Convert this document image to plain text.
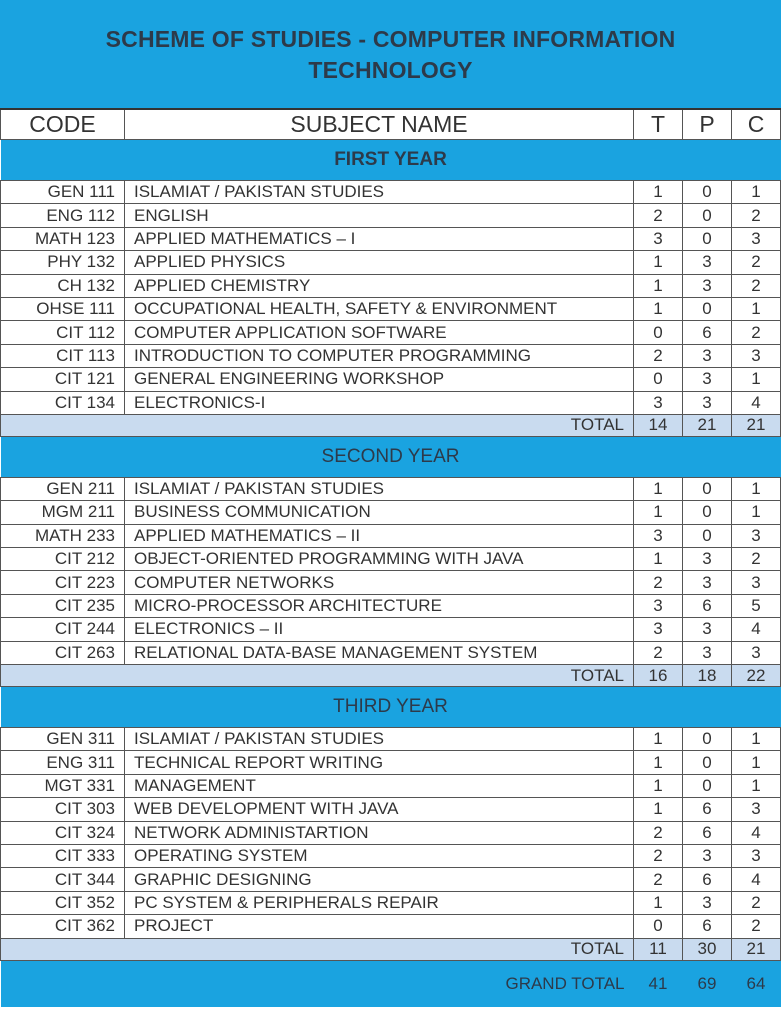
SCHEME OF STUDIES - COMPUTER INFORMATION
TECHNOLOGY
CODE	SUBJECT NAME	T	P	C
FIRST YEAR				
GEN 111	ISLAMIAT / PAKISTAN STUDIES	1	0	1
ENG 112	ENGLISH	2	0	2
MATH 123	APPLIED MATHEMATICS – I	3	0	3
PHY 132	APPLIED PHYSICS	1	3	2
CH 132	APPLIED CHEMISTRY	1	3	2
OHSE 111	OCCUPATIONAL HEALTH, SAFETY & ENVIRONMENT	1	0	1
CIT 112	COMPUTER APPLICATION SOFTWARE	0	6	2
CIT 113	INTRODUCTION TO COMPUTER PROGRAMMING	2	3	3
CIT 121	GENERAL ENGINEERING WORKSHOP	0	3	1
CIT 134	ELECTRONICS-I	3	3	4
TOTAL		14	21	21
SECOND YEAR				
GEN 211	ISLAMIAT / PAKISTAN STUDIES	1	0	1
MGM 211	BUSINESS COMMUNICATION	1	0	1
MATH 233	APPLIED MATHEMATICS – II	3	0	3
CIT 212	OBJECT-ORIENTED PROGRAMMING WITH JAVA	1	3	2
CIT 223	COMPUTER NETWORKS	2	3	3
CIT 235	MICRO-PROCESSOR ARCHITECTURE	3	6	5
CIT 244	ELECTRONICS – II	3	3	4
CIT 263	RELATIONAL DATA-BASE MANAGEMENT SYSTEM	2	3	3
TOTAL		16	18	22
THIRD YEAR				
GEN 311	ISLAMIAT / PAKISTAN STUDIES	1	0	1
ENG 311	TECHNICAL REPORT WRITING	1	0	1
MGT 331	MANAGEMENT	1	0	1
CIT 303	WEB DEVELOPMENT WITH JAVA	1	6	3
CIT 324	NETWORK ADMINISTARTION	2	6	4
CIT 333	OPERATING SYSTEM	2	3	3
CIT 344	GRAPHIC DESIGNING	2	6	4
CIT 352	PC SYSTEM & PERIPHERALS REPAIR	1	3	2
CIT 362	PROJECT	0	6	2
TOTAL		11	30	21
GRAND TOTAL		41	69	64
